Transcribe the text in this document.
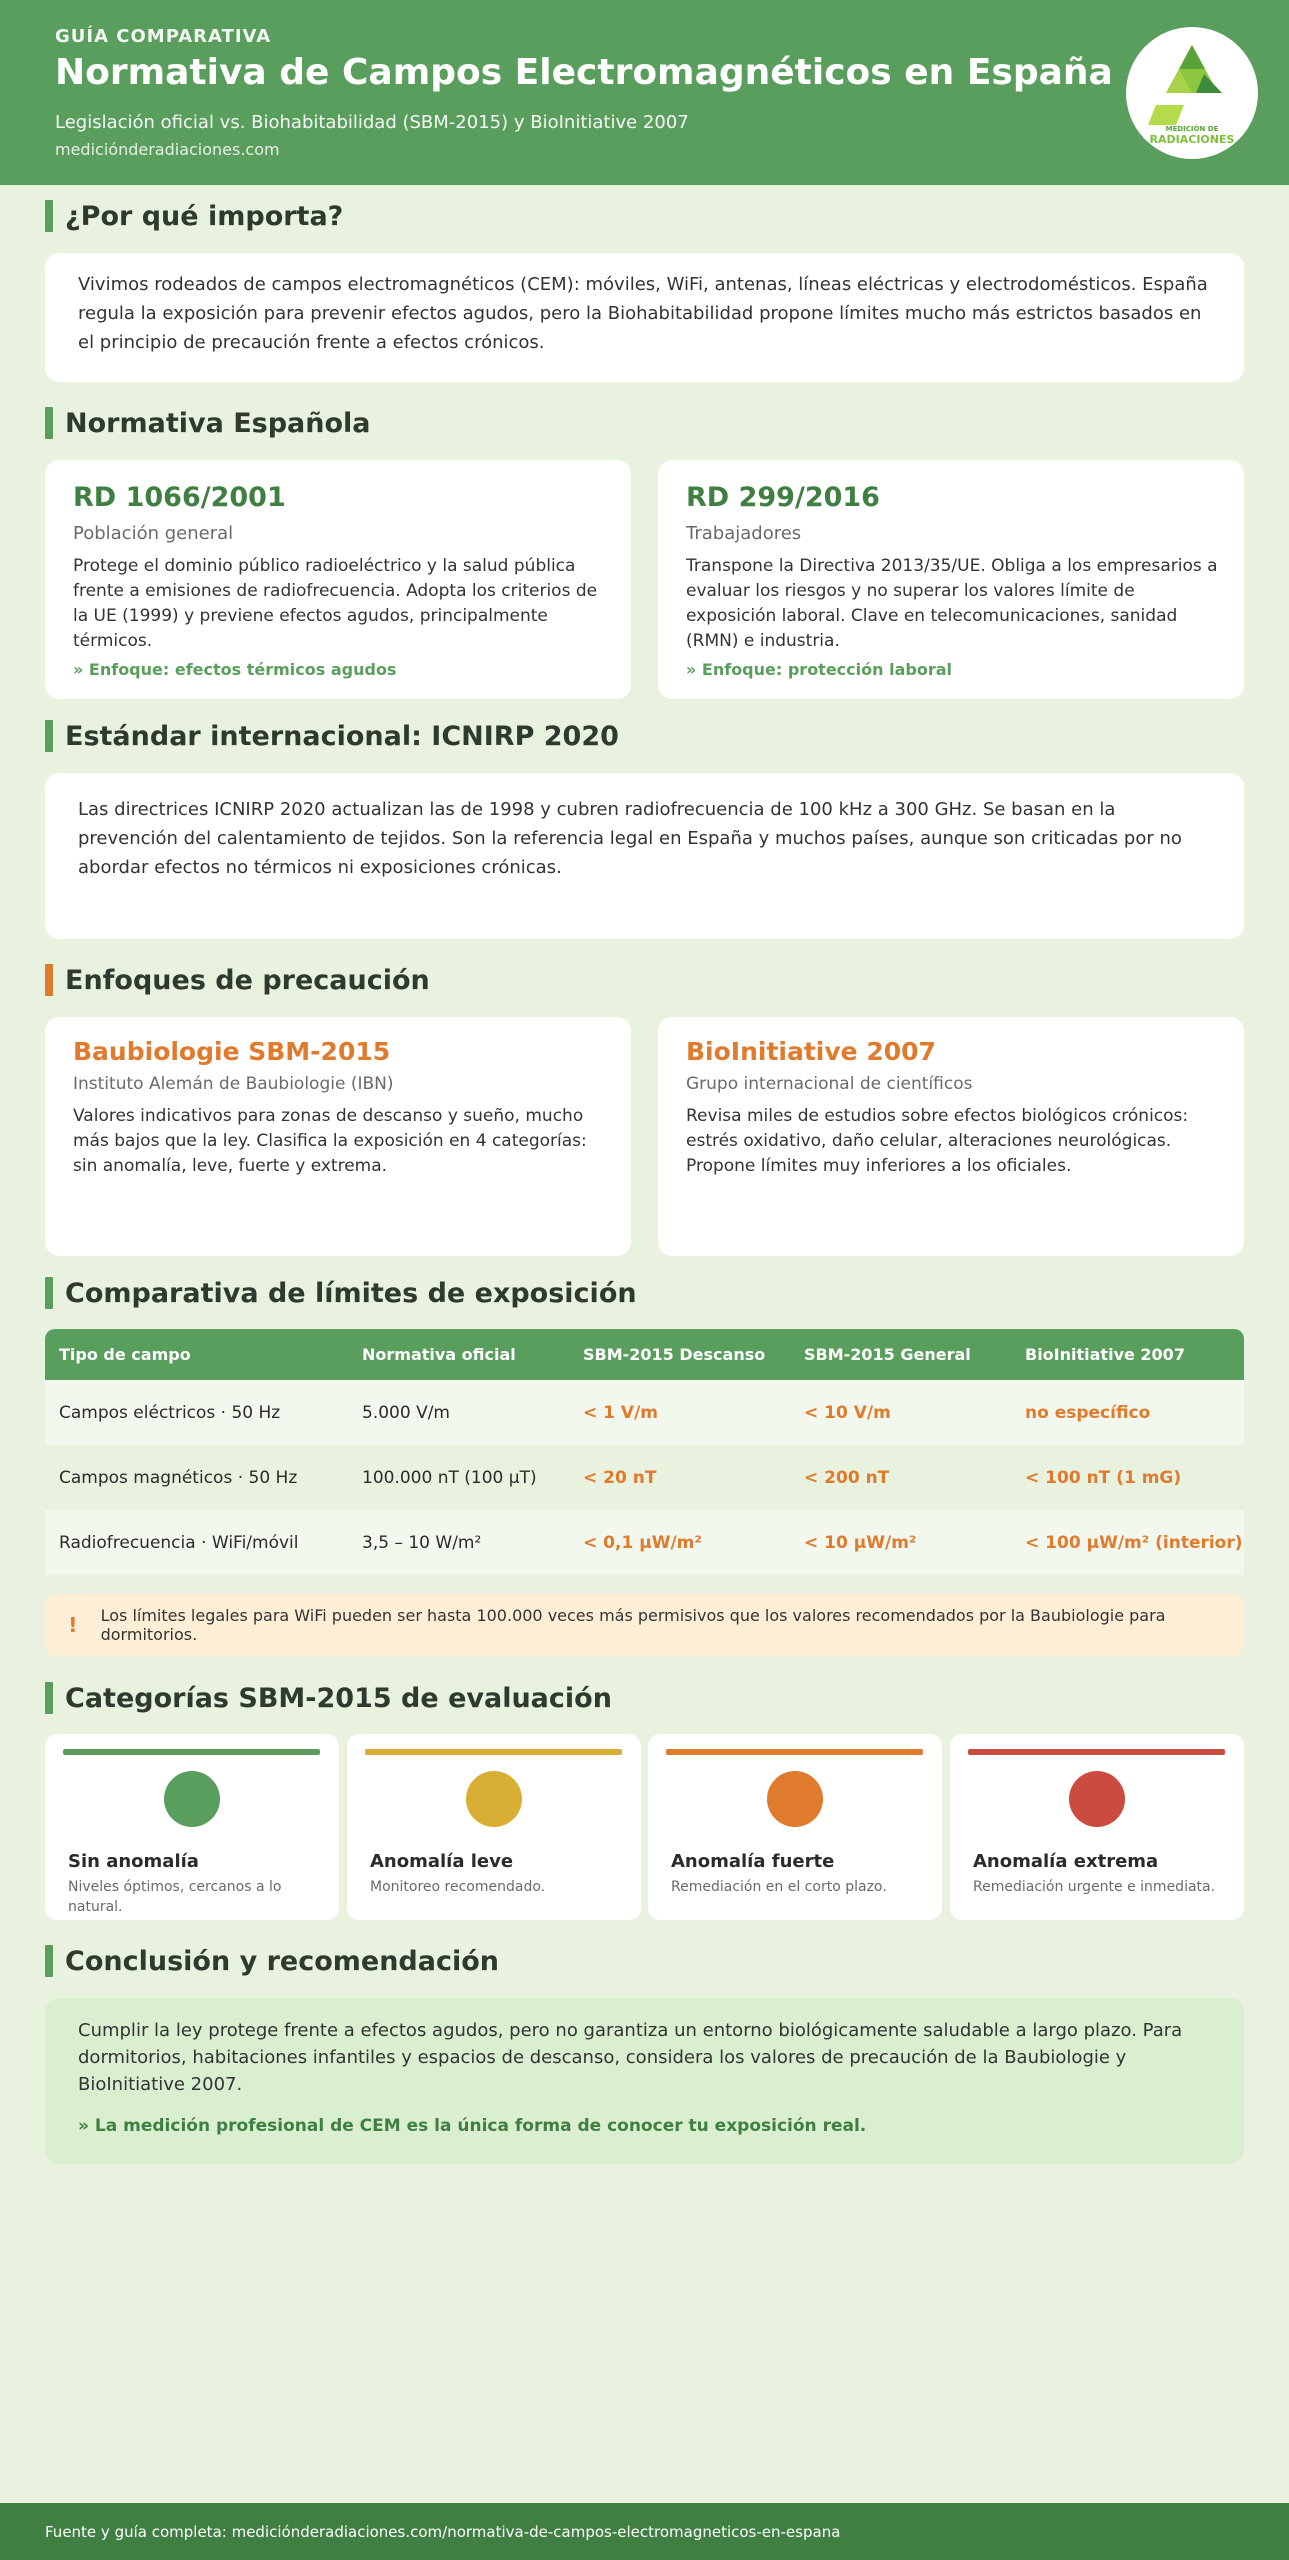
GUÍA COMPARATIVA
Normativa de Campos Electromagnéticos en España
Legislación oficial vs. Biohabitabilidad (SBM-2015) y BioInitiative 2007
mediciónderadiaciones.com
MEDICIÓN DE
RADIACIONES
¿Por qué importa?
Vivimos rodeados de campos electromagnéticos (CEM): móviles, WiFi, antenas, líneas eléctricas y electrodomésticos. España regula la exposición para prevenir efectos agudos, pero la Biohabitabilidad propone límites mucho más estrictos basados en el principio de precaución frente a efectos crónicos.
Normativa Española
RD 1066/2001
Población general
Protege el dominio público radioeléctrico y la salud pública frente a emisiones de radiofrecuencia. Adopta los criterios de la UE (1999) y previene efectos agudos, principalmente térmicos.
» Enfoque: efectos térmicos agudos
RD 299/2016
Trabajadores
Transpone la Directiva 2013/35/UE. Obliga a los empresarios a evaluar los riesgos y no superar los valores límite de exposición laboral. Clave en telecomunicaciones, sanidad (RMN) e industria.
» Enfoque: protección laboral
Estándar internacional: ICNIRP 2020
Las directrices ICNIRP 2020 actualizan las de 1998 y cubren radiofrecuencia de 100 kHz a 300 GHz. Se basan en la prevención del calentamiento de tejidos. Son la referencia legal en España y muchos países, aunque son criticadas por no abordar efectos no térmicos ni exposiciones crónicas.
Enfoques de precaución
Baubiologie SBM-2015
Instituto Alemán de Baubiologie (IBN)
Valores indicativos para zonas de descanso y sueño, mucho más bajos que la ley. Clasifica la exposición en 4 categorías: sin anomalía, leve, fuerte y extrema.
BioInitiative 2007
Grupo internacional de científicos
Revisa miles de estudios sobre efectos biológicos crónicos: estrés oxidativo, daño celular, alteraciones neurológicas. Propone límites muy inferiores a los oficiales.
Comparativa de límites de exposición
Tipo de campo	Normativa oficial	SBM-2015 Descanso	SBM-2015 General	BioInitiative 2007
Campos eléctricos · 50 Hz	5.000 V/m	< 1 V/m	< 10 V/m	no específico
Campos magnéticos · 50 Hz	100.000 nT (100 µT)	< 20 nT	< 200 nT	< 100 nT (1 mG)
Radiofrecuencia · WiFi/móvil	3,5 – 10 W/m²	< 0,1 µW/m²	< 10 µW/m²	< 100 µW/m² (interior)
!	Los límites legales para WiFi pueden ser hasta 100.000 veces más permisivos que los valores recomendados por la Baubiologie para dormitorios.
Categorías SBM-2015 de evaluación
Sin anomalía
Niveles óptimos, cercanos a lo natural.
Anomalía leve
Monitoreo recomendado.
Anomalía fuerte
Remediación en el corto plazo.
Anomalía extrema
Remediación urgente e inmediata.
Conclusión y recomendación
Cumplir la ley protege frente a efectos agudos, pero no garantiza un entorno biológicamente saludable a largo plazo. Para dormitorios, habitaciones infantiles y espacios de descanso, considera los valores de precaución de la Baubiologie y BioInitiative 2007.
» La medición profesional de CEM es la única forma de conocer tu exposición real.
Fuente y guía completa: mediciónderadiaciones.com/normativa-de-campos-electromagneticos-en-espana
